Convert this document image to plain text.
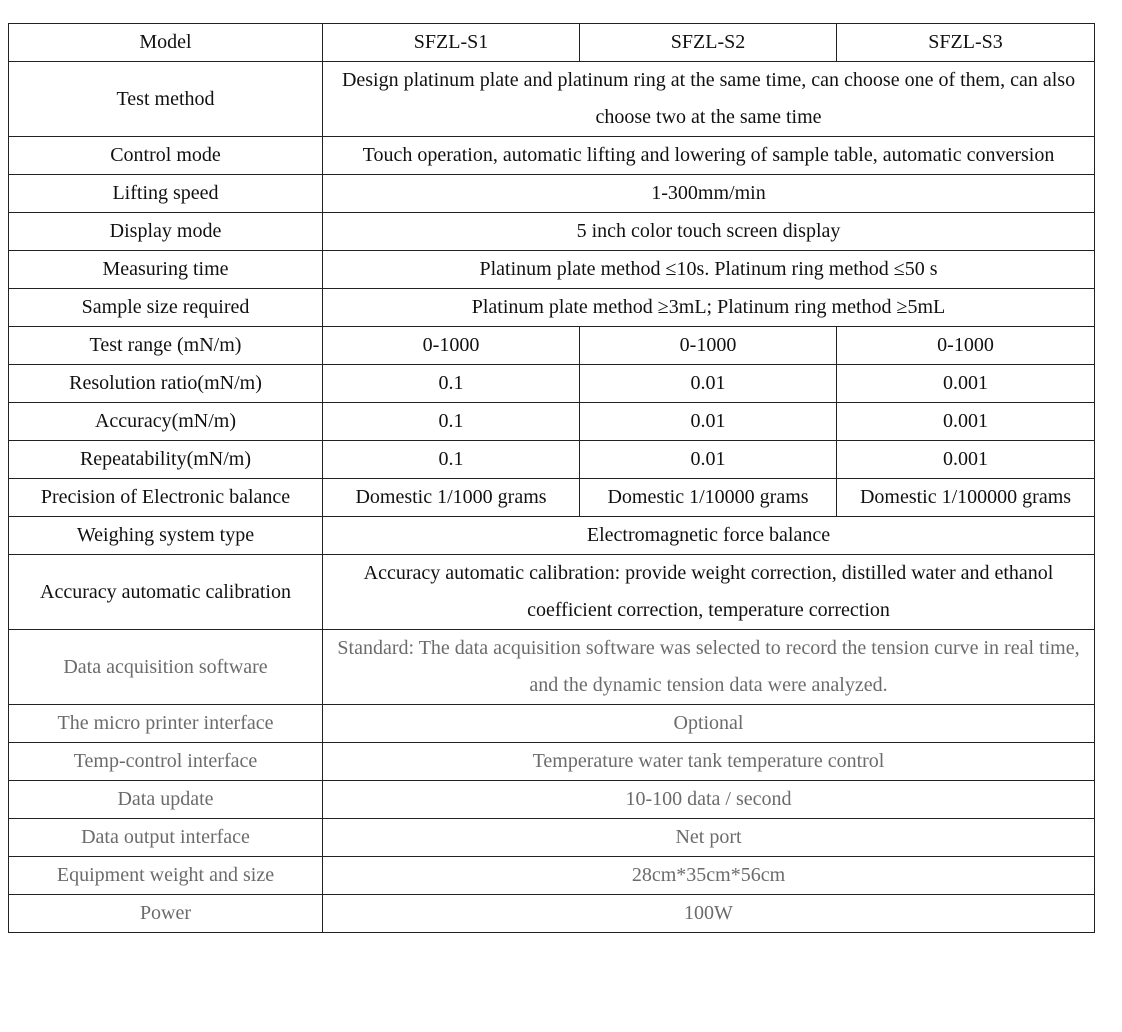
Model	SFZL-S1	SFZL-S2	SFZL-S3
Test method	Design platinum plate and platinum ring at the same time, can choose one of them, can also choose two at the same time		
Control mode	Touch operation, automatic lifting and lowering of sample table, automatic conversion		
Lifting speed	1-300mm/min		
Display mode	5 inch color touch screen display		
Measuring time	Platinum plate method ≤10s. Platinum ring method ≤50 s		
Sample size required	Platinum plate method ≥3mL; Platinum ring method ≥5mL		
Test range (mN/m)	0-1000	0-1000	0-1000
Resolution ratio(mN/m)	0.1	0.01	0.001
Accuracy(mN/m)	0.1	0.01	0.001
Repeatability(mN/m)	0.1	0.01	0.001
Precision of Electronic balance	Domestic 1/1000 grams	Domestic 1/10000 grams	Domestic 1/100000 grams
Weighing system type	Electromagnetic force balance		
Accuracy automatic calibration	Accuracy automatic calibration: provide weight correction, distilled water and ethanol coefficient correction, temperature correction		
Data acquisition software	Standard: The data acquisition software was selected to record the tension curve in real time, and the dynamic tension data were analyzed.		
The micro printer interface	Optional		
Temp-control interface	Temperature water tank temperature control		
Data update	10-100 data / second		
Data output interface	Net port		
Equipment weight and size	28cm*35cm*56cm		
Power	100W		
